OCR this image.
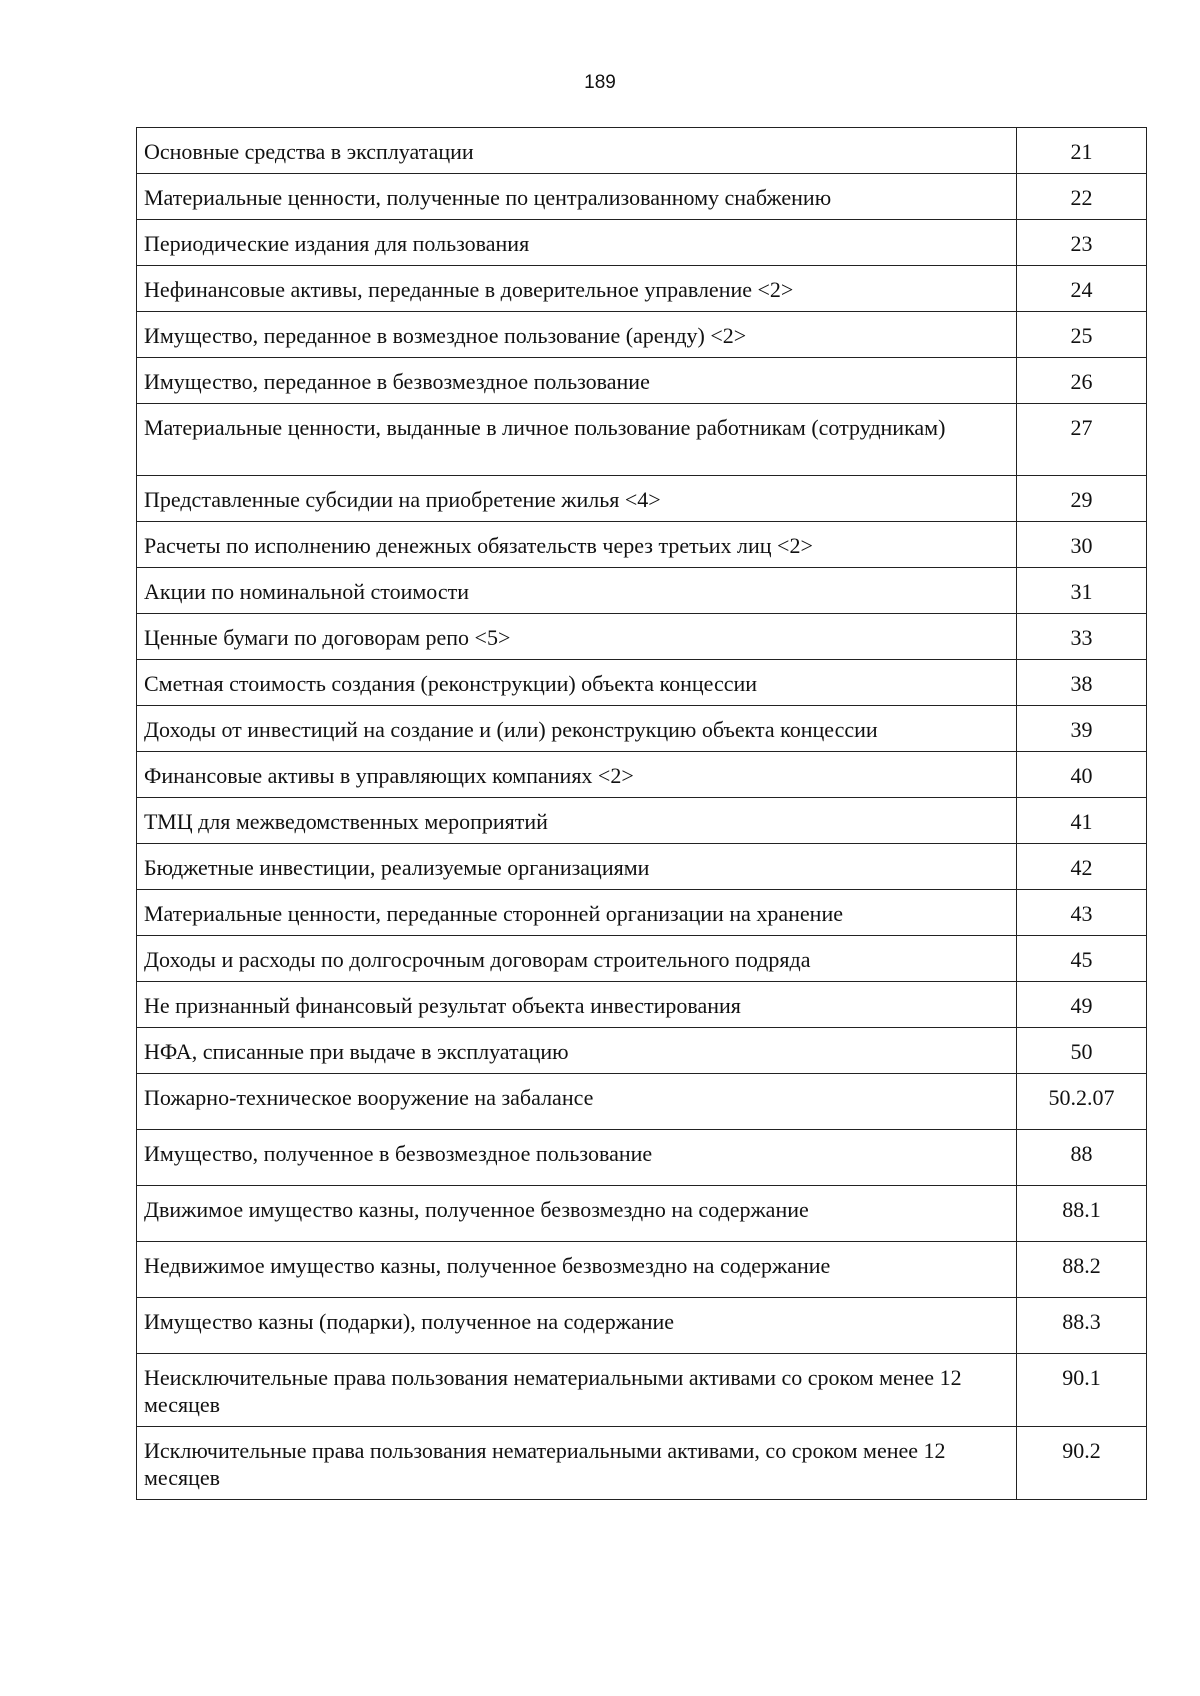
189
Основные средства в эксплуатации	21
Материальные ценности, полученные по централизованному снабжению	22
Периодические издания для пользования	23
Нефинансовые активы, переданные в доверительное управление <2>	24
Имущество, переданное в возмездное пользование (аренду) <2>	25
Имущество, переданное в безвозмездное пользование	26
Материальные ценности, выданные в личное пользование работникам (сотрудникам)	27
Представленные субсидии на приобретение жилья <4>	29
Расчеты по исполнению денежных обязательств через третьих лиц <2>	30
Акции по номинальной стоимости	31
Ценные бумаги по договорам репо <5>	33
Сметная стоимость создания (реконструкции) объекта концессии	38
Доходы от инвестиций на создание и (или) реконструкцию объекта концессии	39
Финансовые активы в управляющих компаниях <2>	40
ТМЦ для межведомственных мероприятий	41
Бюджетные инвестиции, реализуемые организациями	42
Материальные ценности, переданные сторонней организации на хранение	43
Доходы и расходы по долгосрочным договорам строительного подряда	45
Не признанный финансовый результат объекта инвестирования	49
НФА, списанные при выдаче в эксплуатацию	50
Пожарно-техническое вооружение на забалансе	50.2.07
Имущество, полученное в безвозмездное пользование	88
Движимое имущество казны, полученное безвозмездно на содержание	88.1
Недвижимое имущество казны, полученное безвозмездно на содержание	88.2
Имущество казны (подарки), полученное на содержание	88.3
Неисключительные права пользования нематериальными активами со сроком менее 12 месяцев	90.1
Исключительные права пользования нематериальными активами, со сроком менее 12 месяцев	90.2
